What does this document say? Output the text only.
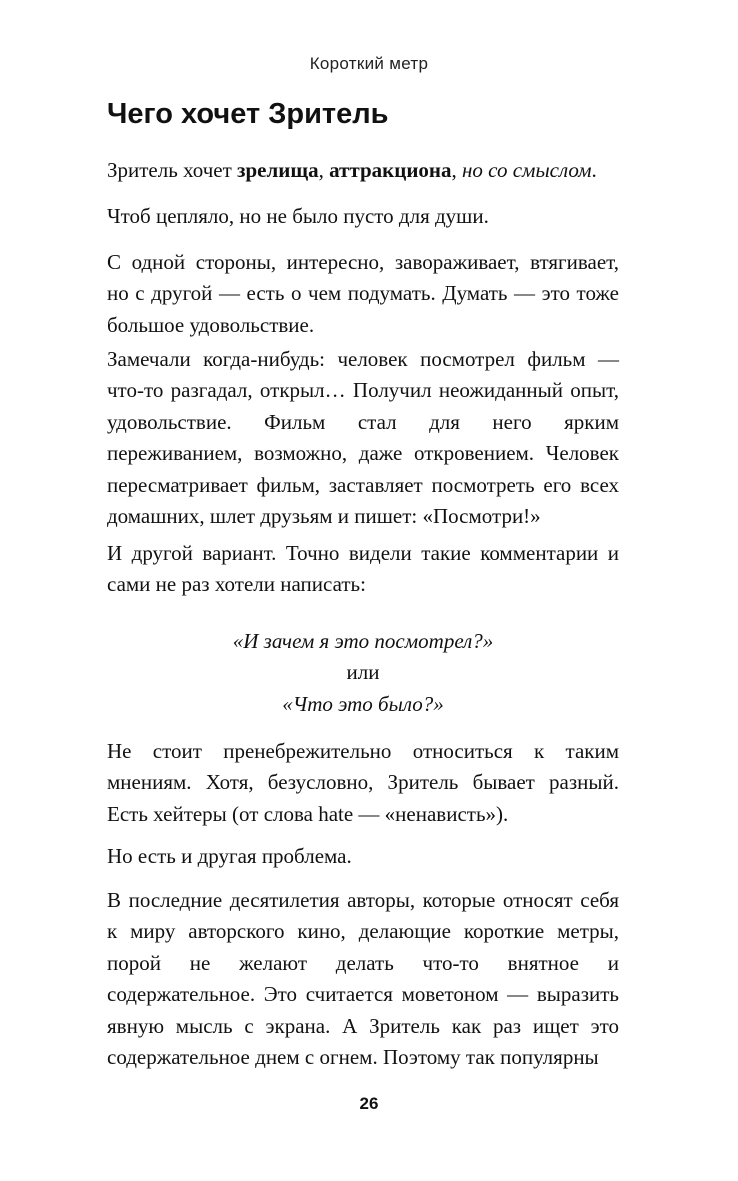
Короткий метр
Чего хочет Зритель

Зритель хочет зрелища, аттракциона, но со смыслом.

Чтоб цепляло, но не было пусто для души.

С одной стороны, интересно, завораживает, втягивает, но с другой — есть о чем подумать. Думать — это тоже большое удовольствие.

Замечали когда-нибудь: человек посмотрел фильм — что-то разгадал, открыл… Получил неожиданный опыт, удовольствие. Фильм стал для него ярким переживанием, возможно, даже откровением. Человек пересматривает фильм, заставляет посмотреть его всех домашних, шлет друзьям и пишет: «Посмотри!»

И другой вариант. Точно видели такие комментарии и сами не раз хотели написать:

«И зачем я это посмотрел?»
или
«Что это было?»

Не стоит пренебрежительно относиться к таким мнениям. Хотя, безусловно, Зритель бывает разный. Есть хейтеры (от слова hate — «ненависть»).

Но есть и другая проблема.

В последние десятилетия авторы, которые относят себя к миру авторского кино, делающие короткие метры, порой не желают делать что-то внятное и содержательное. Это считается моветоном — выразить явную мысль с экрана. А Зритель как раз ищет это содержательное днем с огнем. Поэтому так популярны

26
